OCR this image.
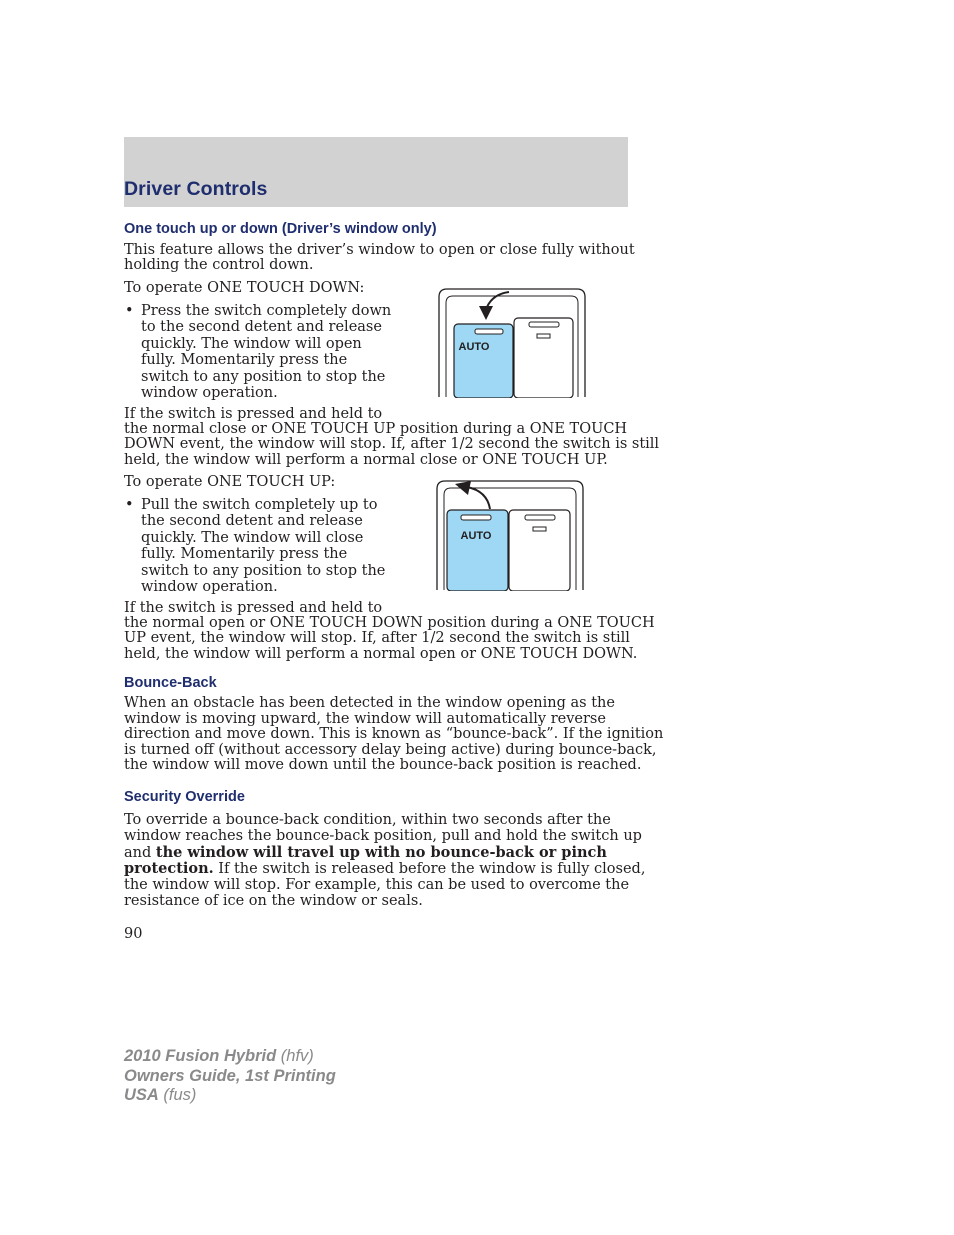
Driver Controls
One touch up or down (Driver’s window only)

This feature allows the driver’s window to open or close fully without
holding the control down.

To operate ONE TOUCH DOWN:

• Press the switch completely down
to the second detent and release
quickly. The window will open
fully. Momentarily press the
switch to any position to stop the
window operation.
AUTO

If the switch is pressed and held to
the normal close or ONE TOUCH UP position during a ONE TOUCH
DOWN event, the window will stop. If, after 1/2 second the switch is still
held, the window will perform a normal close or ONE TOUCH UP.

To operate ONE TOUCH UP:

• Pull the switch completely up to
the second detent and release
quickly. The window will close
fully. Momentarily press the
switch to any position to stop the
window operation.
AUTO

If the switch is pressed and held to
the normal open or ONE TOUCH DOWN position during a ONE TOUCH
UP event, the window will stop. If, after 1/2 second the switch is still
held, the window will perform a normal open or ONE TOUCH DOWN.

Bounce-Back

When an obstacle has been detected in the window opening as the
window is moving upward, the window will automatically reverse
direction and move down. This is known as “bounce-back”. If the ignition
is turned off (without accessory delay being active) during bounce-back,
the window will move down until the bounce-back position is reached.

Security Override

To override a bounce-back condition, within two seconds after the
window reaches the bounce-back position, pull and hold the switch up
and the window will travel up with no bounce-back or pinch
protection. If the switch is released before the window is fully closed,
the window will stop. For example, this can be used to overcome the
resistance of ice on the window or seals.

90
2010 Fusion Hybrid (hfv)
Owners Guide, 1st Printing
USA (fus)
